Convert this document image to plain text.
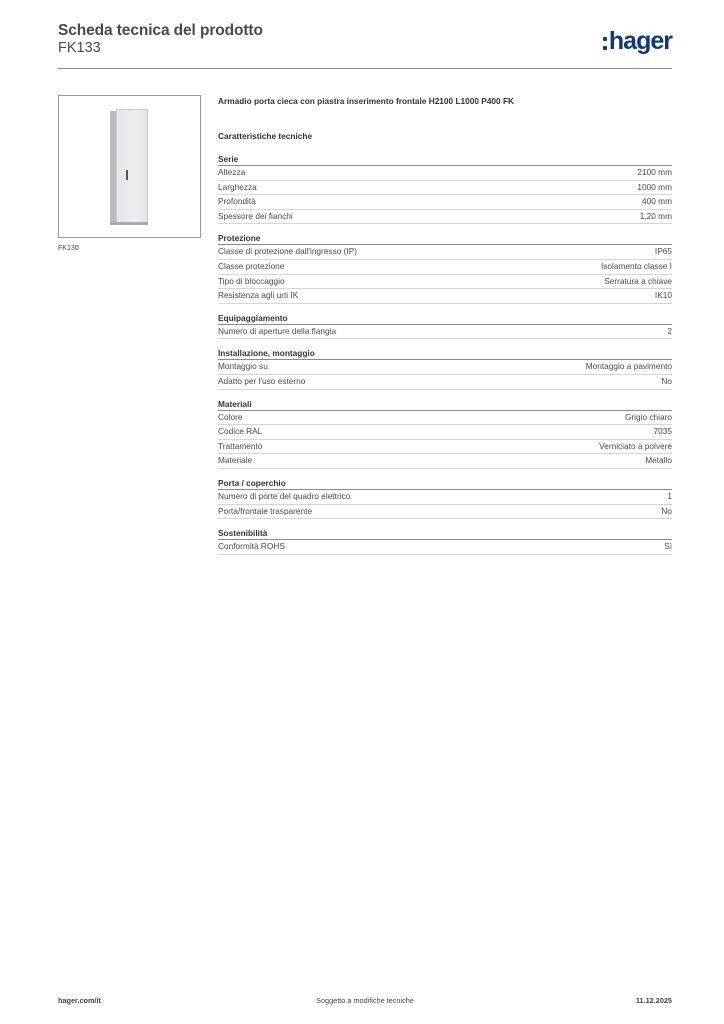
Scheda tecnica del prodotto
FK133	hager
FK130
Armadio porta cieca con piastra inserimento frontale H2100 L1000 P400 FK
Caratteristiche tecniche
Serie
Altezza	2100 mm
Larghezza	1000 mm
Profondità	400 mm
Spessore dei fianchi	1,20 mm
Protezione
Classe di protezione dall'ingresso (IP)	IP65
Classe protezione	Isolamento classe I
Tipo di bloccaggio	Serratura a chiave
Resistenza agli urti IK	IK10
Equipaggiamento
Numero di aperture della flangia	2
Installazione, montaggio
Montaggio su	Montaggio a pavimento
Adatto per l'uso esterno	No
Materiali
Colore	Grigio chiaro
Codice RAL	7035
Trattamento	Verniciato a polvere
Materiale	Metallo
Porta / coperchio
Numero di porte del quadro elettrico	1
Porta/frontale trasparente	No
Sostenibilità
Conformità ROHS	Sì
Soggetto a modifiche tecniche
hager.com/it	11.12.2025
